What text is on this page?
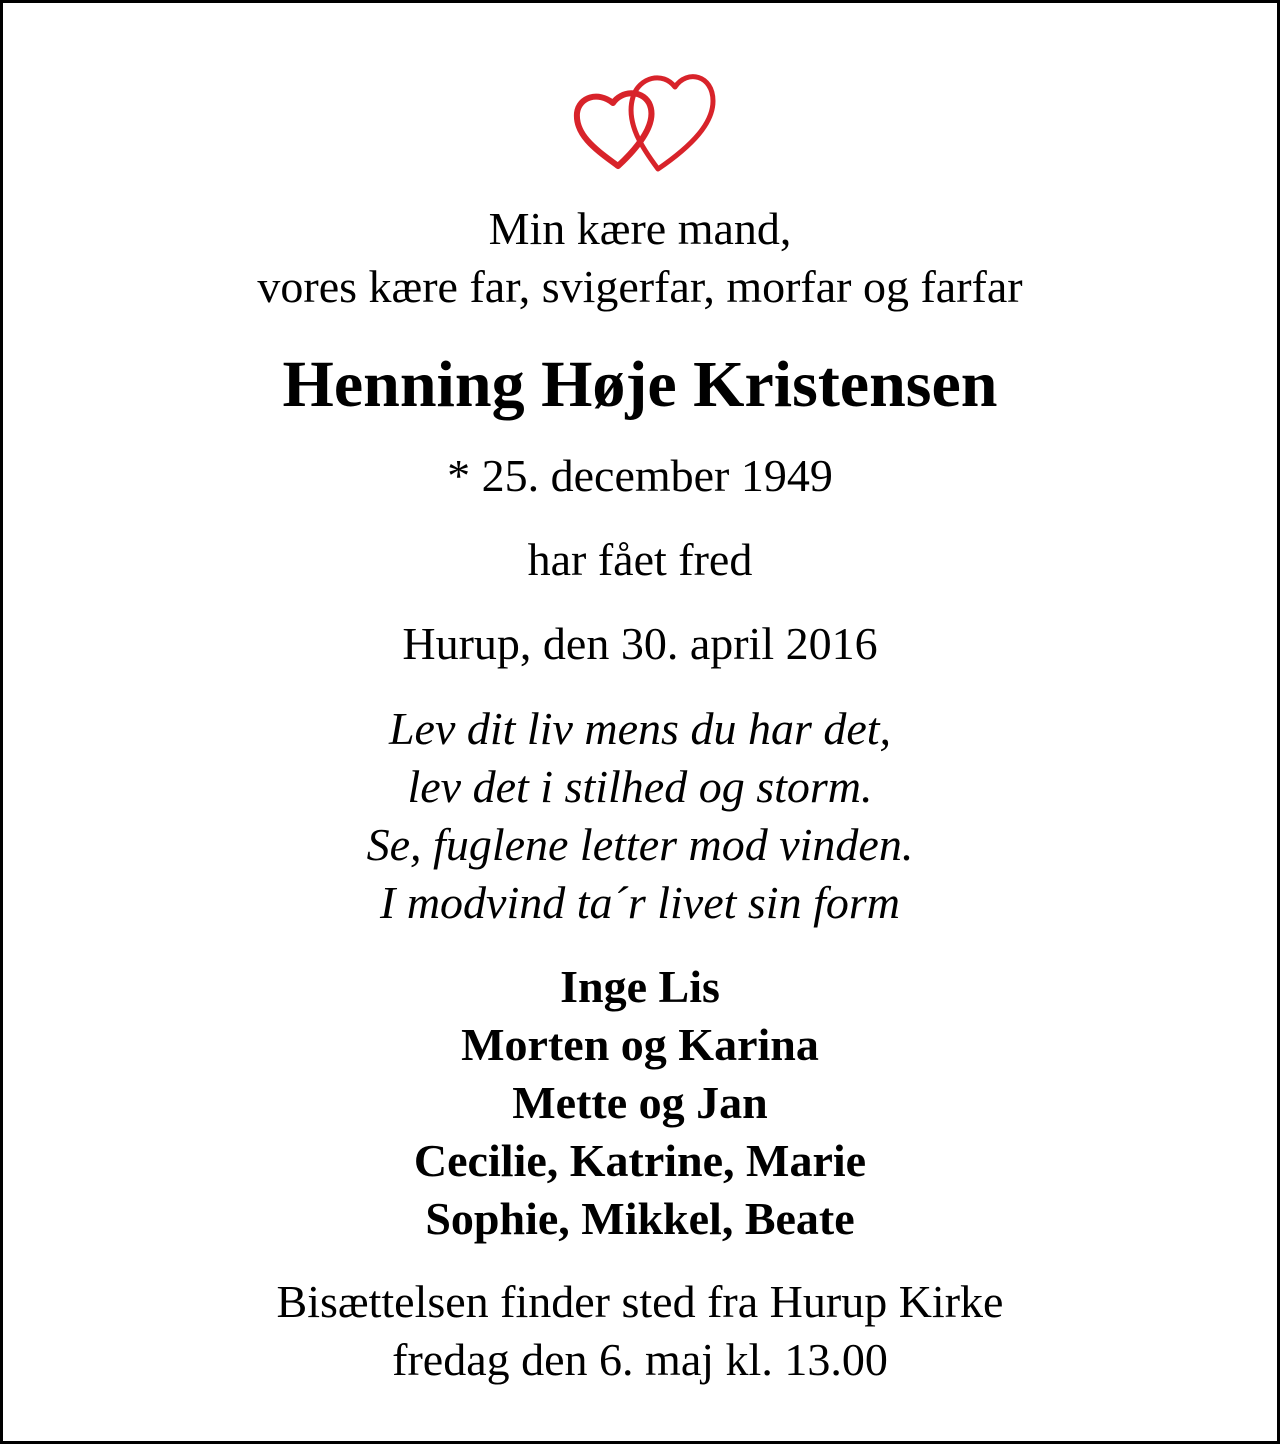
Min kære mand,
vores kære far, svigerfar, morfar og farfar
Henning Høje Kristensen
* 25. december 1949
har fået fred
Hurup, den 30. april 2016
Lev dit liv mens du har det,
lev det i stilhed og storm.
Se, fuglene letter mod vinden.
I modvind ta´r livet sin form
Inge Lis
Morten og Karina
Mette og Jan
Cecilie, Katrine, Marie
Sophie, Mikkel, Beate
Bisættelsen finder sted fra Hurup Kirke
fredag den 6. maj kl. 13.00
